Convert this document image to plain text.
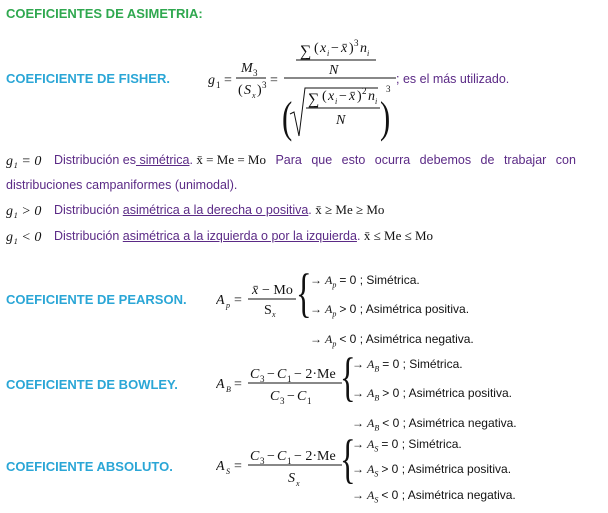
COEFICIENTES DE ASIMETRIA:
COEFICIENTE DE FISHER.	g 1 =
M 3
( S x ) 3 =
∑ ( x i − x̄ ) 3 n i
N
( ∑ ( x i − x̄ ) 2 n i
N )
3
; es el más utilizado.
g₁ = 0 Distribución es simétrica. x̄ = Me = Mo Para que esto ocurra debemos de trabajar con
distribuciones campaniformes (unimodal).
g₁ > 0 Distribución asimétrica a la derecha o positiva. x̄ ≥ Me ≥ Mo
g₁ < 0 Distribución asimétrica a la izquierda o por la izquierda. x̄ ≤ Me ≤ Mo
COEFICIENTE DE PEARSON. A p =
x̄ − Mo
S x {
→ $A_p = 0$ ; Simétrica.
→ $A_p > 0$ ; Asimétrica positiva.
→ $A_p < 0$ ; Asimétrica negativa.
COEFICIENTE DE BOWLEY.	A B =
C 3 − C 1 − 2·Me
C 3 − C 1 {
→ $A_B = 0$ ; Simétrica.
→ $A_B > 0$ ; Asimétrica positiva.
→ $A_B < 0$ ; Asimétrica negativa.
COEFICIENTE ABSOLUTO.	A S =
C 3 − C 1 − 2·Me
S x {
→ $A_S = 0$ ; Simétrica.
→ $A_S > 0$ ; Asimétrica positiva.
→ $A_S < 0$ ; Asimétrica negativa.
